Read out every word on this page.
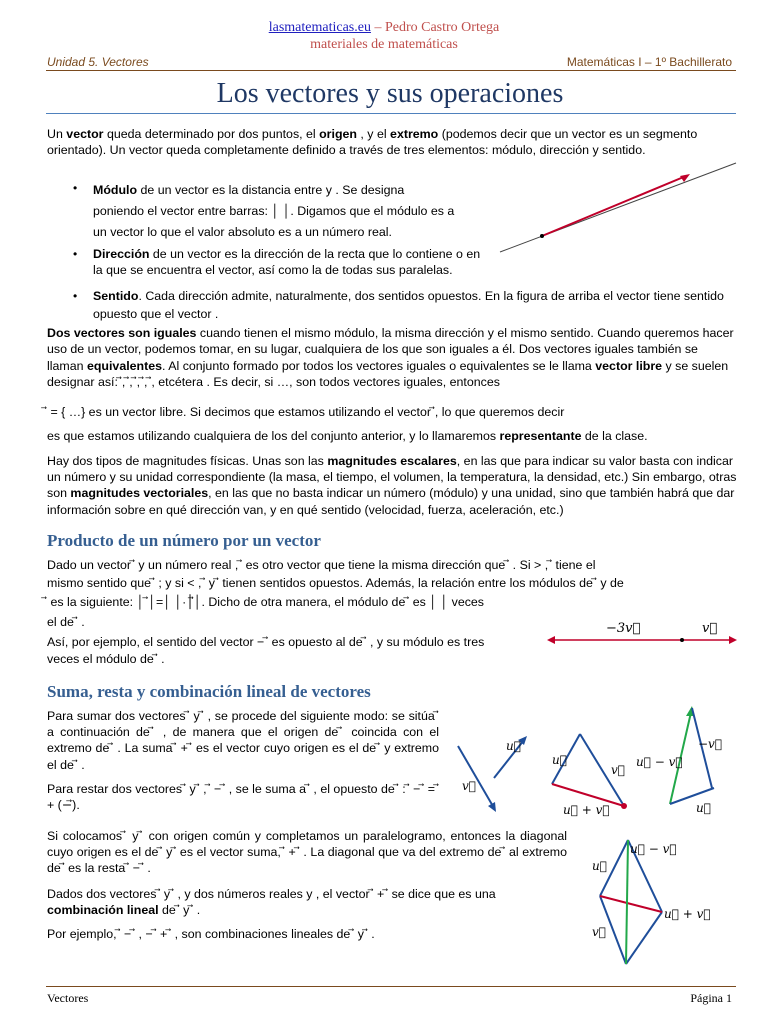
lasmatematicas.eu – Pedro Castro Ortega
materiales de matemáticas
Unidad 5. Vectores	Matemáticas I – 1º Bachillerato
Los vectores y sus operaciones
Un vector queda determinado por dos puntos, el origen , y el extremo (podemos decir que un vector es un segmento orientado). Un vector queda completamente definido a través de tres elementos: módulo, dirección y sentido.
• Módulo de un vector es la distancia entre y . Se designa
poniendo el vector entre barras: │ │. Digamos que el módulo es a
un vector lo que el valor absoluto es a un número real.
• Dirección de un vector es la dirección de la recta que lo contiene o en la que se encuentra el vector, así como la de todas sus paralelas.
• Sentido. Cada dirección admite, naturalmente, dos sentidos opuestos. En la figura de arriba el vector tiene sentido opuesto que el vector .
Dos vectores son iguales cuando tienen el mismo módulo, la misma dirección y el mismo sentido. Cuando queremos hacer uso de un vector, podemos tomar, en su lugar, cualquiera de los que son iguales a él. Dos vectores iguales también se llaman equivalentes. Al conjunto formado por todos los vectores iguales o equivalentes se le llama vector libre y se suelen designar así: ⃗, ⃗, ⃗, ⃗, ⃗, etcétera . Es decir, si …, son todos vectores iguales, entonces
⃗ = { …} es un vector libre. Si decimos que estamos utilizando el vector ⃗, lo que queremos decir
es que estamos utilizando cualquiera de los del conjunto anterior, y lo llamaremos representante de la clase.
Hay dos tipos de magnitudes físicas. Unas son las magnitudes escalares, en las que para indicar su valor basta con indicar un número y su unidad correspondiente (la masa, el tiempo, el volumen, la temperatura, la densidad, etc.) Sin embargo, otras son magnitudes vectoriales, en las que no basta indicar un número (módulo) y una unidad, sino que también habrá que dar información sobre en qué dirección van, y en qué sentido (velocidad, fuerza, aceleración, etc.)
Producto de un número por un vector
Dado un vector ⃗ y un número real , ⃗ es otro vector que tiene la misma dirección que ⃗ . Si > , ⃗ tiene el
mismo sentido que ⃗ ; y si < , ⃗ y ⃗ tienen sentidos opuestos. Además, la relación entre los módulos de ⃗ y de
⃗ es la siguiente: │ ⃗│=│ │·│⃗│. Dicho de otra manera, el módulo de ⃗ es │ │ veces
el de ⃗ .
Así, por ejemplo, el sentido del vector − ⃗ es opuesto al de ⃗ , y su módulo es tres
veces el módulo de ⃗ .
−3v⃗	v⃗
Suma, resta y combinación lineal de vectores
Para sumar dos vectores ⃗ y ⃗ , se procede del siguiente modo: se sitúa ⃗ a continuación de ⃗ , de manera que el origen de ⃗ coincida con el extremo de ⃗ . La suma ⃗ + ⃗ es el vector cuyo origen es el de ⃗ y extremo el de ⃗ .
Para restar dos vectores ⃗ y ⃗ , ⃗ − ⃗ , se le suma a ⃗ , el opuesto de ⃗ : ⃗ − ⃗ = ⃗ + (−⃗).
Si colocamos ⃗ y ⃗ con origen común y completamos un paralelogramo, entonces la diagonal cuyo origen es el de ⃗ y ⃗ es el vector suma, ⃗ + ⃗ . La diagonal que va del extremo de ⃗ al extremo de ⃗ es la resta ⃗ − ⃗ .
Dados dos vectores ⃗ y ⃗ , y dos números reales y , el vector ⃗ + ⃗ se dice que es una combinación lineal de ⃗ y ⃗ .
Por ejemplo, ⃗ − ⃗ , − ⃗ + ⃗ , son combinaciones lineales de ⃗ y ⃗ .
u⃗
v⃗
u⃗
v⃗
u⃗ + v⃗
−v⃗
u⃗ − v⃗
u⃗
u⃗ − v⃗
u⃗
u⃗ + v⃗
v⃗
Vectores	Página 1
